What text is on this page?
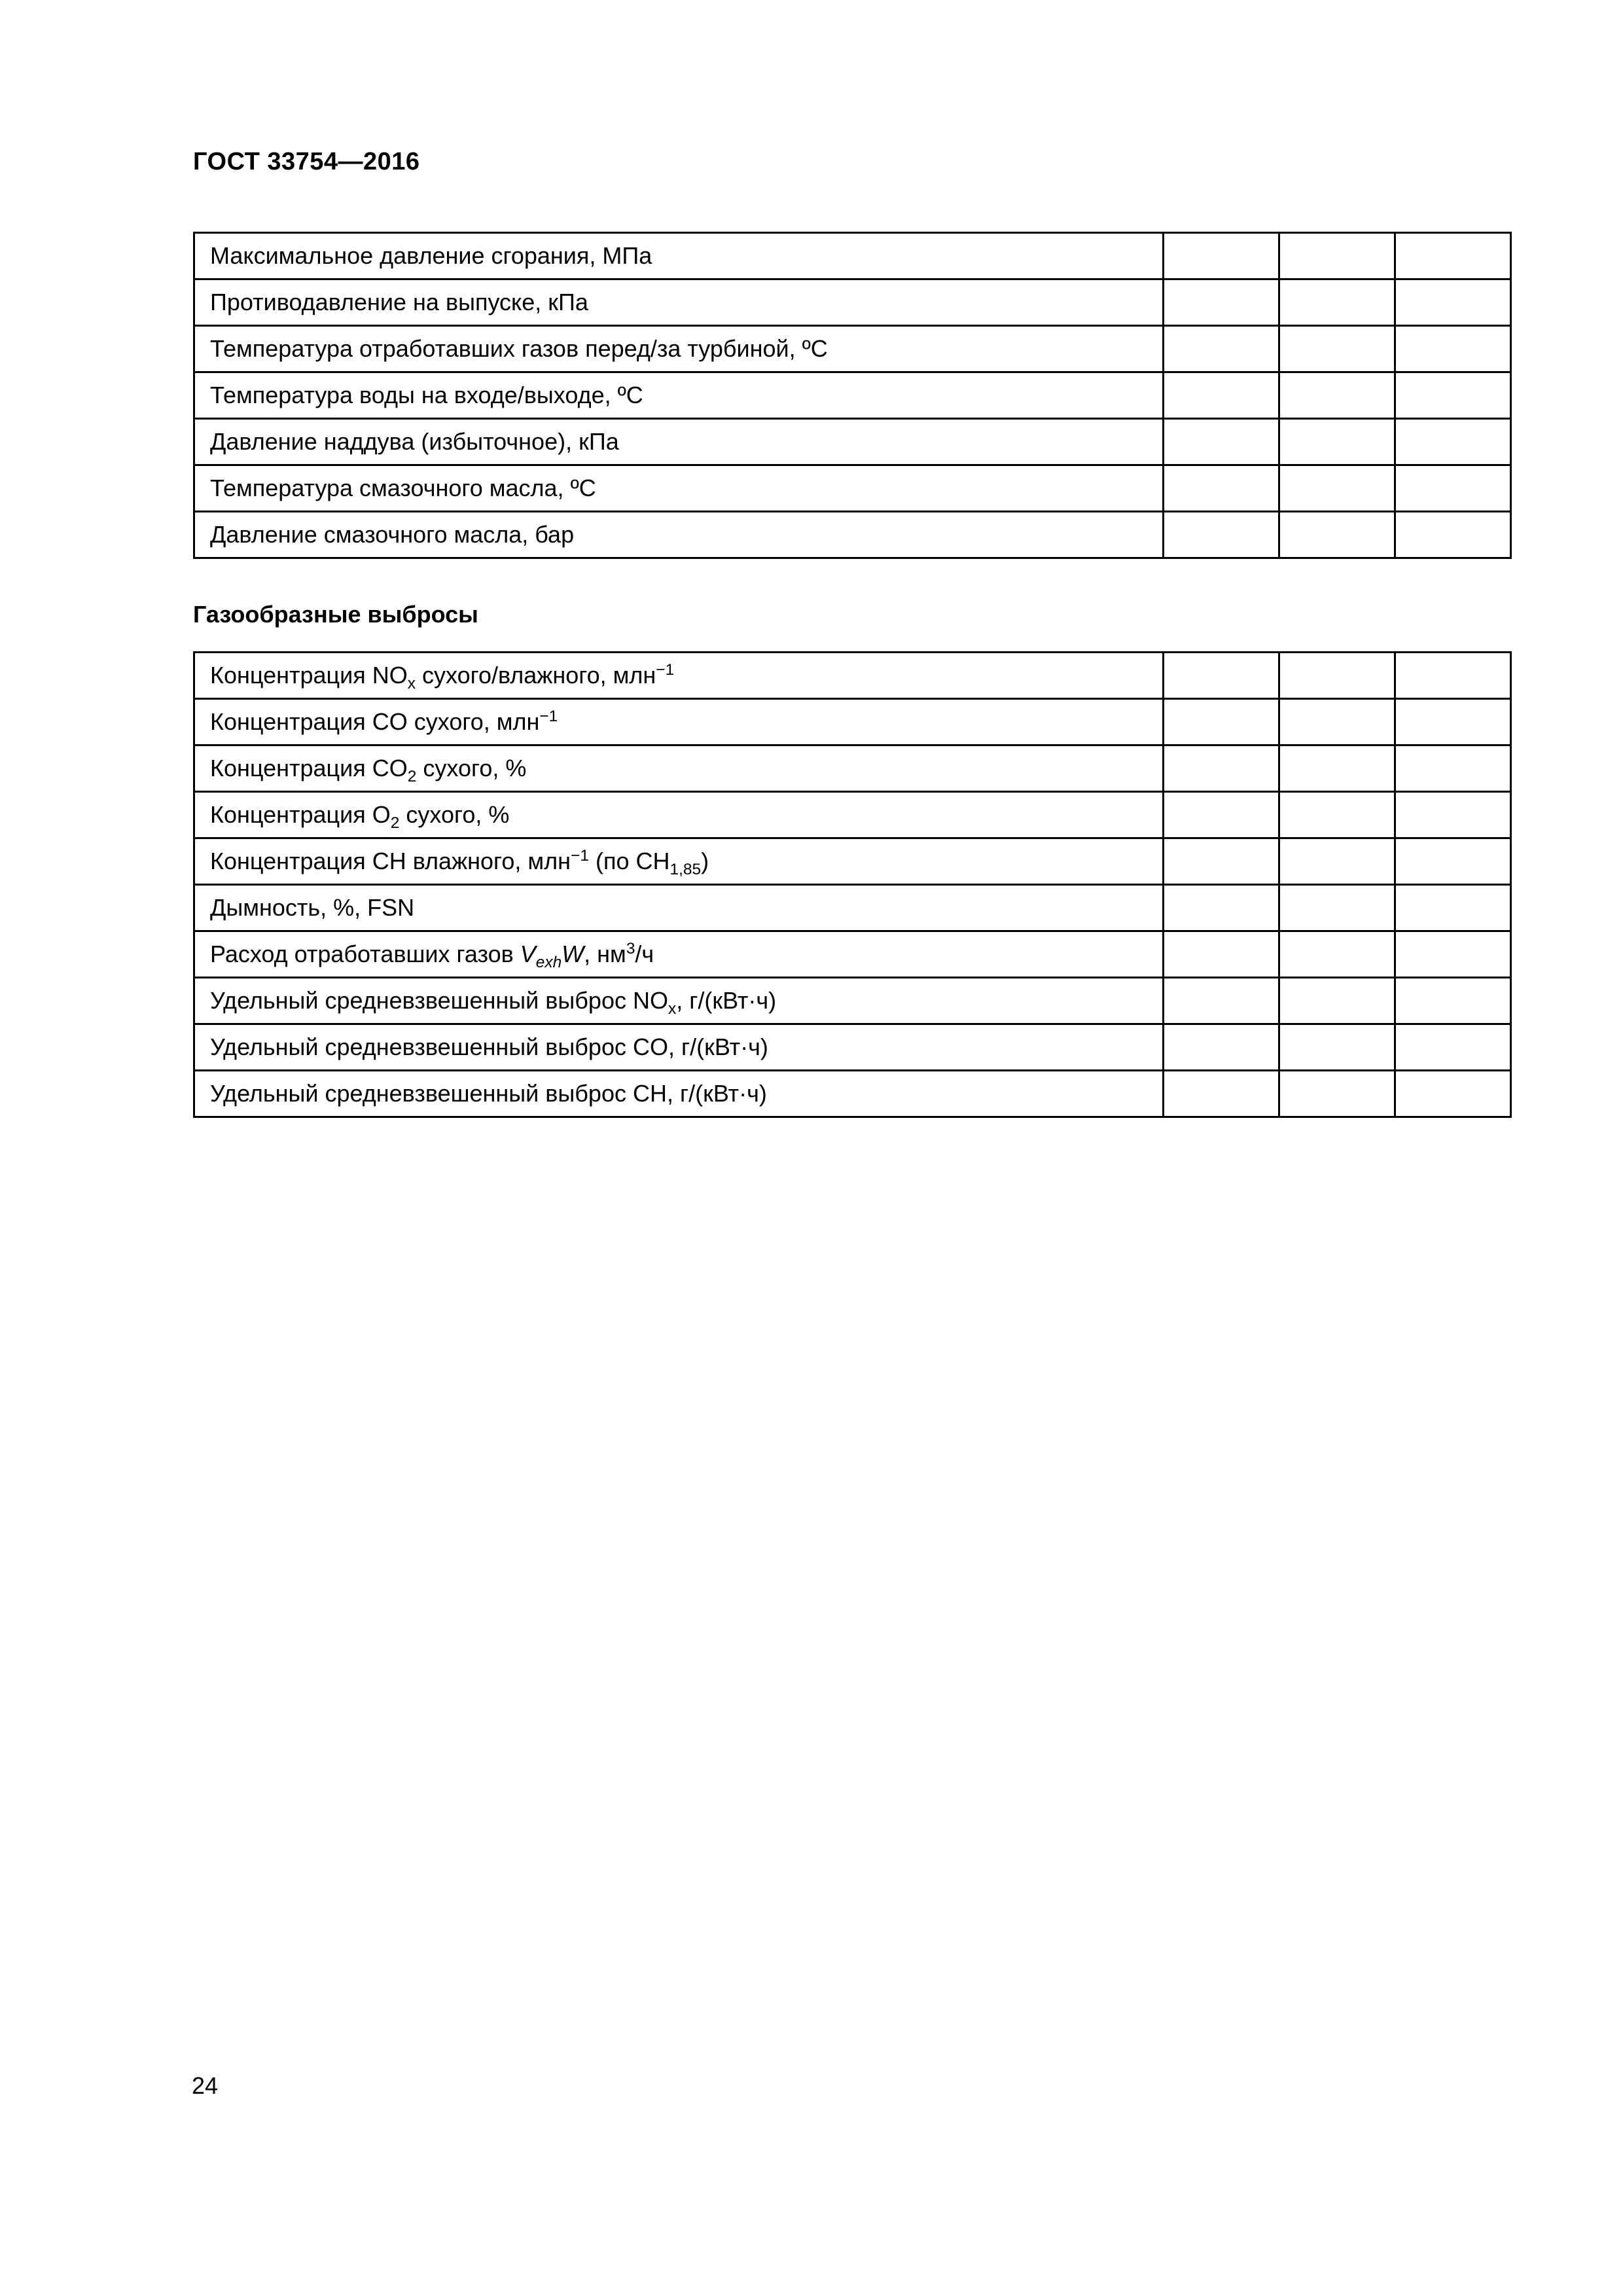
ГОСТ 33754—2016
Максимальное давление сгорания, МПа			
Противодавление на выпуске, кПа			
Температура отработавших газов перед/за турбиной, ºС			
Температура воды на входе/выходе, ºС			
Давление наддува (избыточное), кПа			
Температура смазочного масла, ºС			
Давление смазочного масла, бар			
Газообразные выбросы
Концентрация $NO_x$ сухого/влажного, млн$^{-1}$			
Концентрация CO сухого, млн$^{-1}$			
Концентрация $CO_2$ сухого, %			
Концентрация $O_2$ сухого, %			
Концентрация CH влажного, млн$^{-1}$ (по $CH_{1,85}$)			
Дымность, %, FSN			
Расход отработавших газов $V_{exh}W$, $нм^3/ч$			
Удельный средневзвешенный выброс $NO_x$, г/(кВт·ч)			
Удельный средневзвешенный выброс CO, г/(кВт·ч)			
Удельный средневзвешенный выброс CH, г/(кВт·ч)			
24
